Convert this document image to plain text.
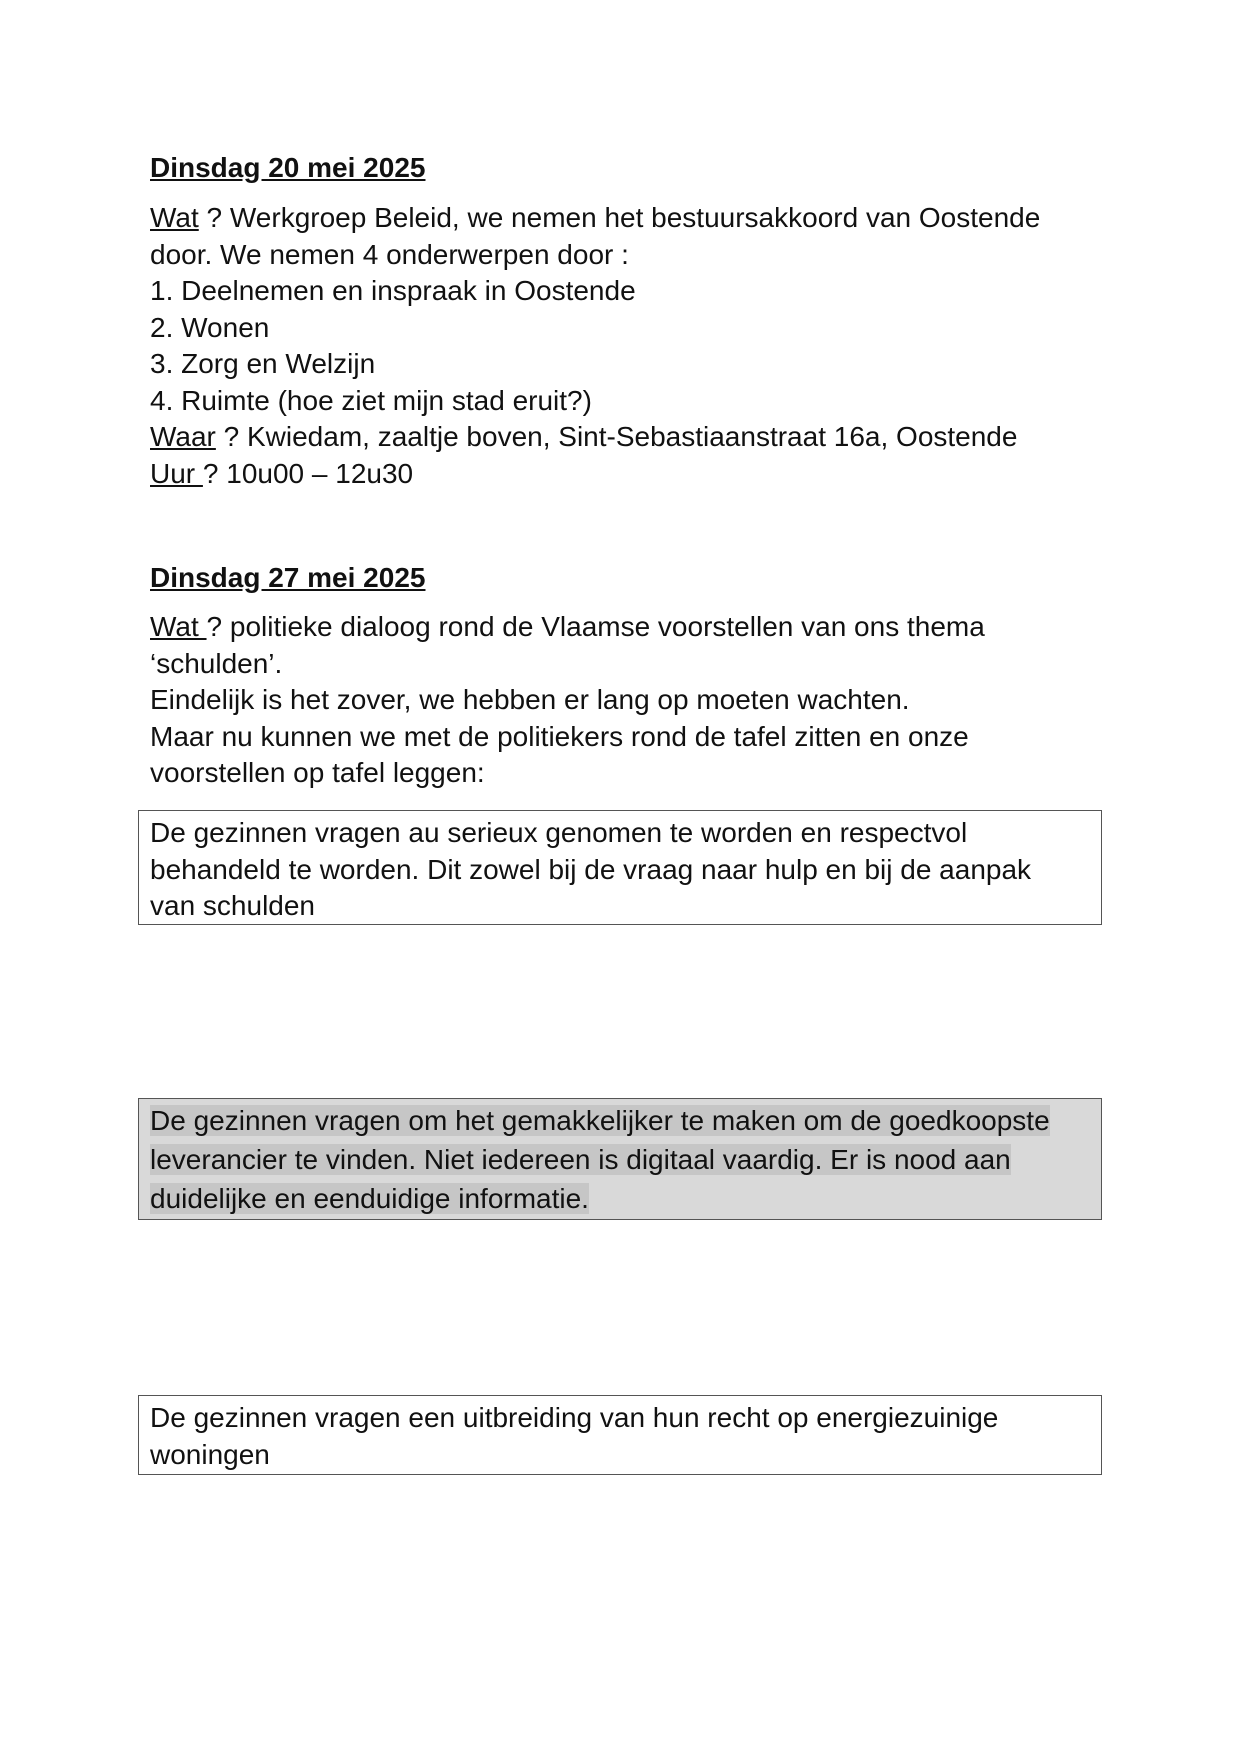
Dinsdag 20 mei 2025
Wat ? Werkgroep Beleid, we nemen het bestuursakkoord van Oostende
door. We nemen 4 onderwerpen door :
1. Deelnemen en inspraak in Oostende
2. Wonen
3. Zorg en Welzijn
4. Ruimte (hoe ziet mijn stad eruit?)
Waar ? Kwiedam, zaaltje boven, Sint-Sebastiaanstraat 16a, Oostende
Uur ? 10u00 – 12u30
Dinsdag 27 mei 2025
Wat ? politieke dialoog rond de Vlaamse voorstellen van ons thema
‘schulden’.
Eindelijk is het zover, we hebben er lang op moeten wachten.
Maar nu kunnen we met de politiekers rond de tafel zitten en onze
voorstellen op tafel leggen:
De gezinnen vragen au serieux genomen te worden en respectvol
behandeld te worden. Dit zowel bij de vraag naar hulp en bij de aanpak
van schulden
De gezinnen vragen om het gemakkelijker te maken om de goedkoopste
leverancier te vinden. Niet iedereen is digitaal vaardig. Er is nood aan
duidelijke en eenduidige informatie.
De gezinnen vragen een uitbreiding van hun recht op energiezuinige
woningen
